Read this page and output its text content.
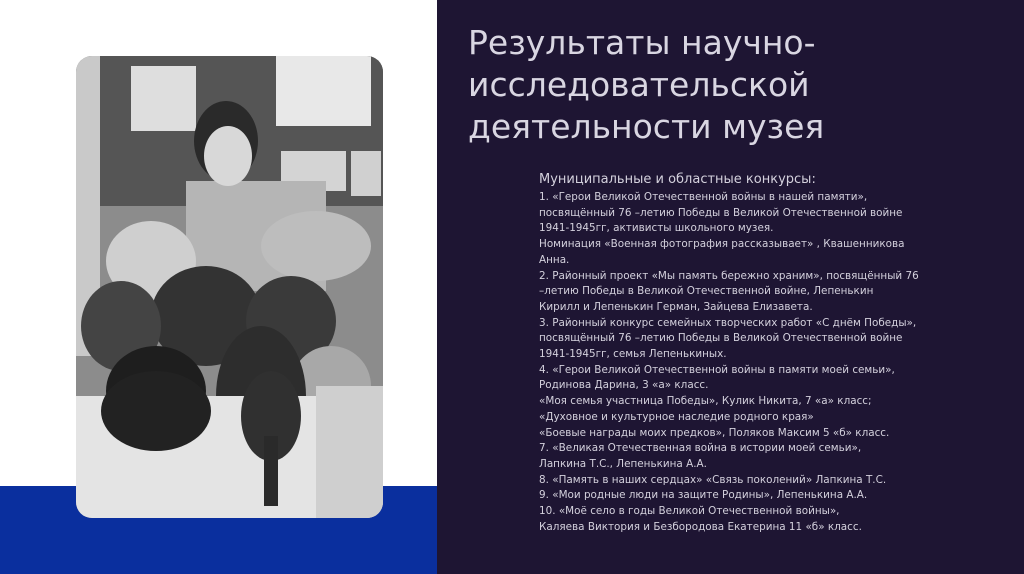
Результаты научно-
исследовательской
деятельности музея
Муниципальные и областные конкурсы:
1. «Герои Великой Отечественной войны в нашей памяти»,
посвящённый 76 –летию Победы в Великой Отечественной войне
1941-1945гг, активисты школьного музея.
Номинация «Военная фотография рассказывает» , Квашенникова
Анна.
2. Районный проект «Мы память бережно храним», посвящённый 76
–летию Победы в Великой Отечественной войне, Лепенькин
Кирилл и Лепенькин Герман, Зайцева Елизавета.
3. Районный конкурс семейных творческих работ «С днём Победы»,
посвящённый 76 –летию Победы в Великой Отечественной войне
1941-1945гг, семья Лепенькиных.
4. «Герои Великой Отечественной войны в памяти моей семьи»,
Родинова Дарина, 3 «а» класс.
«Моя семья участница Победы», Кулик Никита, 7 «а» класс;
«Духовное и культурное наследие родного края»
«Боевые награды моих предков», Поляков Максим 5 «б» класс.
7. «Великая Отечественная война в истории моей семьи»,
Лапкина Т.С., Лепенькина А.А.
8. «Память в наших сердцах» «Связь поколений» Лапкина Т.С.
9. «Мои родные люди на защите Родины», Лепенькина А.А.
10. «Моё село в годы Великой Отечественной войны»,
Каляева Виктория и Безбородова Екатерина 11 «б» класс.
